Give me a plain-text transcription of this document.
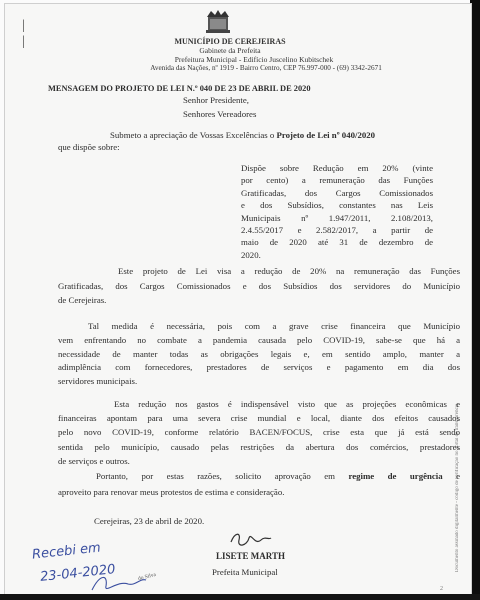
Documento assinado digitalmente - código de verificação no portal de transparência
|
|	MUNICÍPIO DE CEREJEIRAS
Gabinete da Prefeita
Prefeitura Municipal - Edifício Juscelino Kubitschek
Avenida das Nações, nº 1919 - Bairro Centro, CEP 76.997-000 - (69) 3342-2671
MENSAGEM DO PROJETO DE LEI N.º 040 DE 23 DE ABRIL DE 2020
Senhor Presidente,
Senhores Vereadores
Submeto a apreciação de Vossas Excelências o Projeto de Lei nº 040/2020
que dispõe sobre:
Dispõe sobre Redução em 20% (vinte
por cento) a remuneração das Funções
Gratificadas, dos Cargos Comissionados
e dos Subsídios, constantes nas Leis
Municipais nº 1.947/2011, 2.108/2013,
2.4.55/2017 e 2.582/2017, a partir de
maio de 2020 até 31 de dezembro de
2020.
Este projeto de Lei visa a redução de 20% na remuneração das Funções
Gratificadas, dos Cargos Comissionados e dos Subsídios dos servidores do Município
de Cerejeiras.
Tal medida é necessária, pois com a grave crise financeira que Município
vem enfrentando no combate a pandemia causada pelo COVID-19, sabe-se que há a
necessidade de manter todas as obrigações legais e, em sentido amplo, manter a
adimplência com fornecedores, prestadores de serviços e pagamento em dia dos
servidores municipais.
Esta redução nos gastos é indispensável visto que as projeções econômicas e
financeiras apontam para uma severa crise mundial e local, diante dos efeitos causados
pelo novo COVID-19, conforme relatório BACEN/FOCUS, crise esta que já está sendo
sentida pelo município, causado pelas restrições da abertura dos comércios, prestadores
de serviços e outros.
Portanto, por estas razões, solicito aprovação em regime de urgência e
aproveito para renovar meus protestos de estima e consideração.
Cerejeiras, 23 de abril de 2020.
LISETE MARTH
Prefeita Municipal
Recebi em
23-04-2020	do Silva
2
